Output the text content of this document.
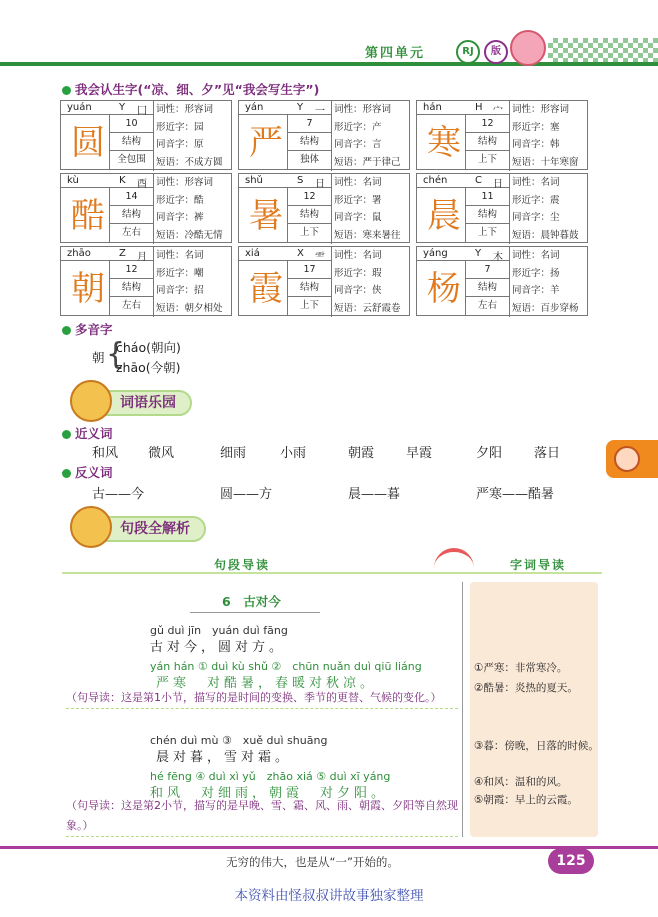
第四单元	RJ	版
我会认生字(“凉、细、夕”见“我会写生字”)
yuán	Y 囗
圆	10
结构
全包围
词性：形容词
形近字：园
同音字：原
短语：不成方圆
yán	Y 一
严	7
结构
独体
词性：形容词
形近字：产
同音字：言
短语：严于律己
hán	H 宀
寒	12
结构
上下
词性：形容词
形近字：塞
同音字：韩
短语：十年寒窗
kù	K 酉
酷	14
结构
左右
词性：形容词
形近字：酷
同音字：裤
短语：冷酷无情
shǔ	S 日
暑	12
结构
上下
词性：名词
形近字：署
同音字：鼠
短语：寒来暑往
chén	C 日
晨	11
结构
上下
词性：名词
形近字：震
同音字：尘
短语：晨钟暮鼓
zhāo	Z 月
朝	12
结构
左右
词性：名词
形近字：嘲
同音字：招
短语：朝夕相处
xiá	X ⻗
霞	17
结构
上下
词性：名词
形近字：瑕
同音字：侠
短语：云舒霞卷
yáng	Y 木
杨	7
结构
左右
词性：名词
形近字：扬
同音字：羊
短语：百步穿杨
多音字
朝 {
cháo(朝向)
zhāo(今朝)
词语乐园
近义词
和风 微风	细雨	小雨	朝霞 早霞	夕阳 落日
反义词
古——今	圆——方	晨——暮	严寒——酷暑
句段全解析
句段导读	字词导读
6　古对今
gǔ duì jīn　yuán duì fāng
古对今，圆对方。
yán hán ① duì kù shǔ ②　chūn nuǎn duì qiū liáng
严寒　对酷暑，春暖对秋凉。
（句导读：这是第1小节，描写的是时间的变换、季节的更替、气候的变化。）
chén duì mù ③　xuě duì shuāng
晨对暮，雪对霜。
hé fēng ④ duì xì yǔ　zhāo xiá ⑤ duì xī yáng
和风　对细雨，朝霞　对夕阳。
（句导读：这是第2小节，描写的是早晚、雪、霜、风、雨、朝霞、夕阳等自然现象。）
①严寒：非常寒冷。
②酷暑：炎热的夏天。
③暮：傍晚，日落的时候。
④和风：温和的风。
⑤朝霞：早上的云霞。
无穷的伟大，也是从“一”开始的。	125
本资料由怪叔叔讲故事独家整理
